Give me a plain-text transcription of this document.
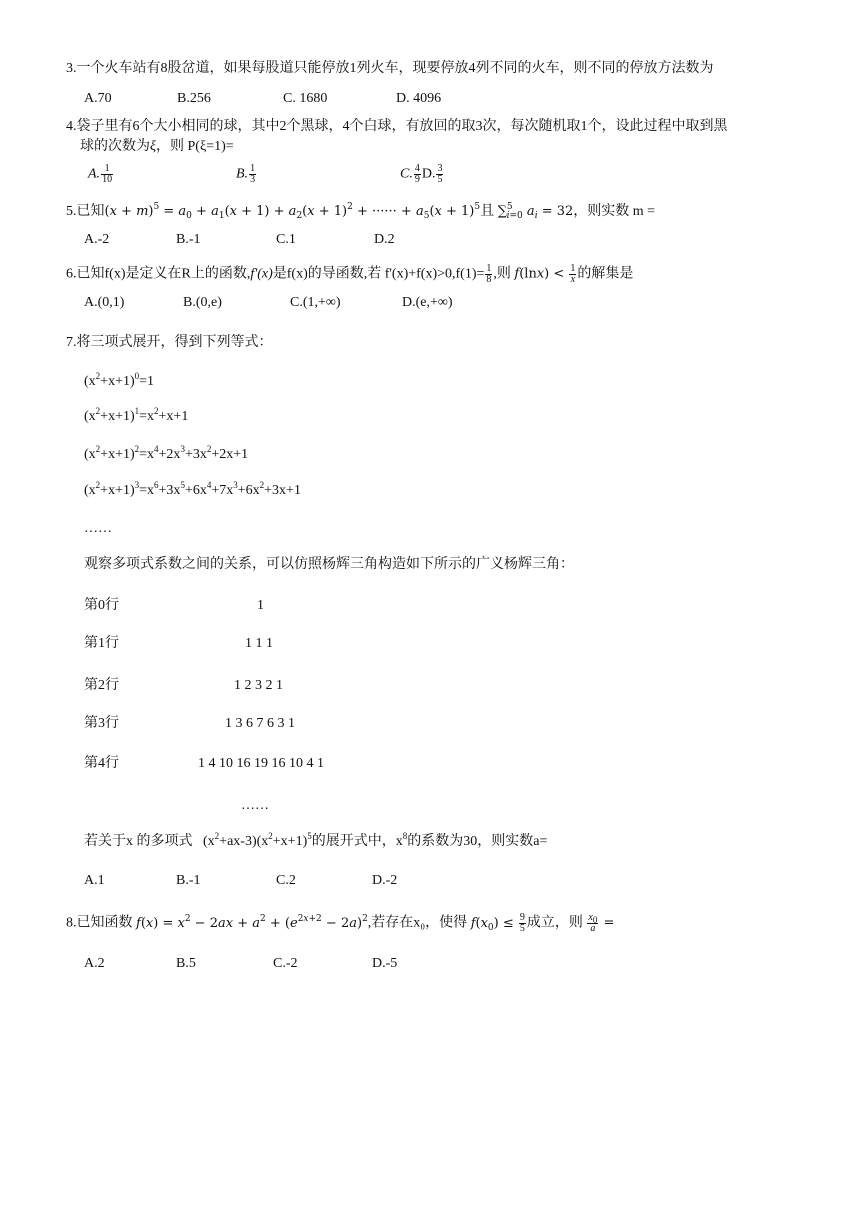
3.一个火车站有8股岔道，如果每股道只能停放1列火车，现要停放4列不同的火车，则不同的停放方法数为
A.70	B.256	C. 1680	D. 4096
4.袋子里有6个大小相同的球，其中2个黑球，4个白球，有放回的取3次，每次随机取1个，设此过程中取到黑
球的次数为ξ，则 P(ξ=1)=
A. $\frac{1}{10}$	B. $\frac{1}{3}$	C. $\frac{4}{9} D$. $\frac{3}{5}$
5.已知$(x + m)^5 = a_0 + a_1(x + 1) + a_2(x + 1)^2$ + ······ + $a_5(x + 1)^5$且 ∑$^5_{i=0}$ $a_i = 32$，则实数 m =
A.-2	B.-1	C.1	D.2
6.已知f(x)是定义在R上的函数,f'(x)是f(x)的导函数,若 $f'(x)+f(x)>0,f(1)= \frac{1}{8}$ ,则 $f(\ln x) < \frac{1}{x}$ 的解集是
A.(0,1)	B.(0,e)	C.(1,+∞)	D.(e,+∞)
7.将三项式展开，得到下列等式：
$(x^2+x+1)^0=1$
$(x^2+x+1)^1=x^2+x+1$
$(x^2+x+1)^2=x^4+2x^3+3x^2+2x+1$
$(x^2+x+1)^3=x^6+3x^5+6x^4+7x^3+6x^2+3x+1$
……
观察多项式系数之间的关系，可以仿照杨辉三角构造如下所示的广义杨辉三角：
第0行	1
第1行	1 1 1
第2行	1 2 3 2 1
第3行	1 3 6 7 6 3 1
第4行	1 4 10 16 19 16 10 4 1
……
若关于x 的多项式   $(x^2+ax-3)(x^2+x+1)^5$的展开式中，$x^8$的系数为30，则实数a=
A.1	B.-1	C.2	D.-2
8.已知函数 $f(x) = x^2 - 2ax + a^2 + (e^{2x+2} - 2a)^2$,若存在x₀，使得 $f(x_0) \le \frac{9}{5}$ 成立，则 $\frac{x_0}{a}$ =
A.2	B.5	C.-2	D.-5
